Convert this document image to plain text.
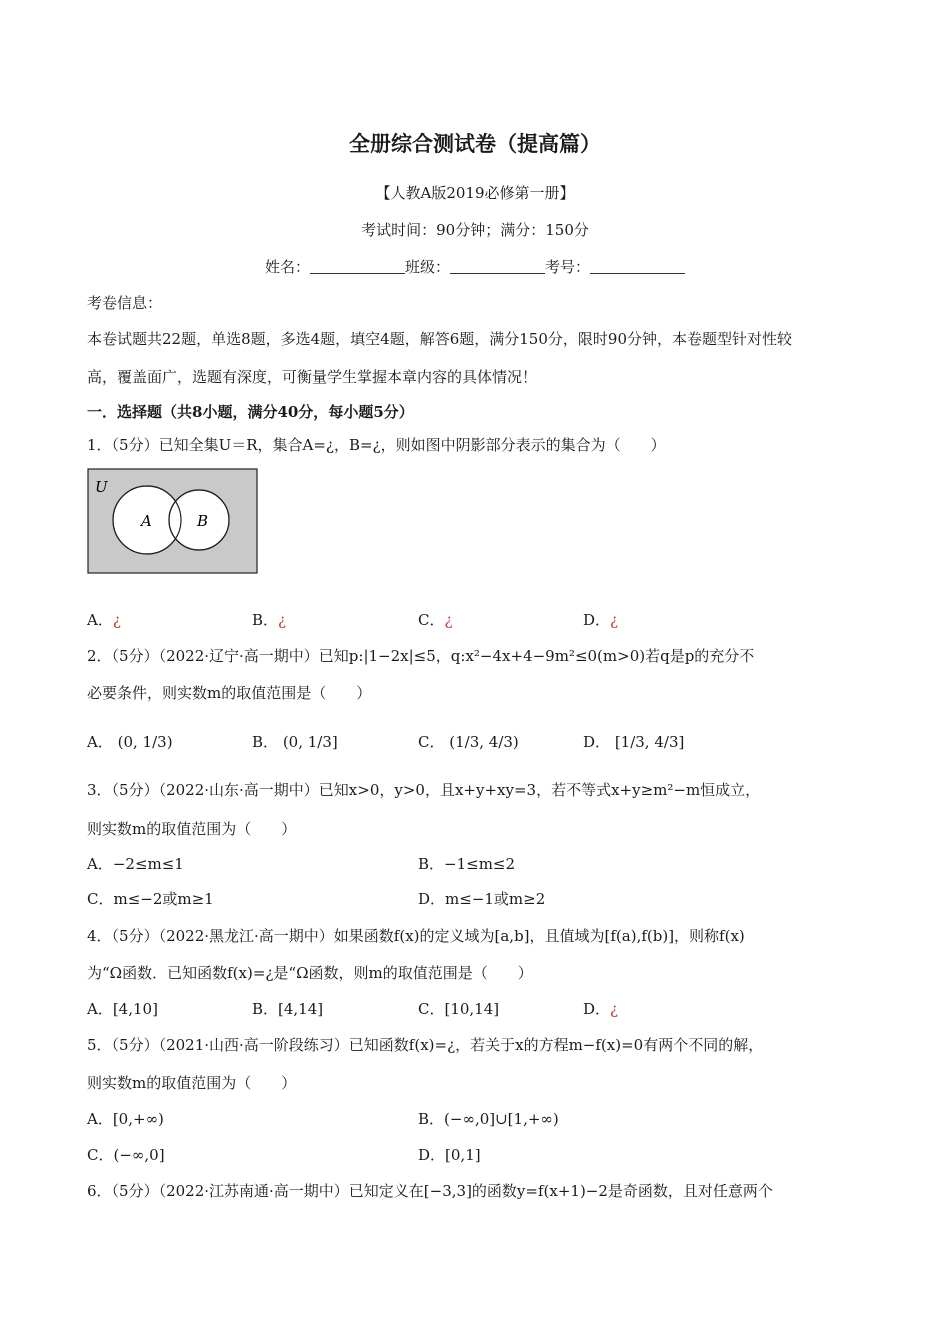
全册综合测试卷（提高篇）
【人教A版2019必修第一册】
考试时间：90分钟；满分：150分
姓名：	班级：	考号：
考卷信息：
本卷试题共22题，单选8题，多选4题，填空4题，解答6题，满分150分，限时90分钟，本卷题型针对性较
高，覆盖面广，选题有深度，可衡量学生掌握本章内容的具体情况！
一．选择题（共8小题，满分40分，每小题5分）
1．（5分）已知全集U＝R，集合A=¿，B=¿，则如图中阴影部分表示的集合为（　　）
U
A	B
A．¿	B．¿	C．¿	D．¿
2．（5分）（2022·辽宁·高一期中）已知p:|1−2x|≤5，q:x²−4x+4−9m²≤0(m>0)若q是p的充分不
必要条件，则实数m的取值范围是（　　）
A． (0, 1/3)	B． (0, 1/3]	C． (1/3, 4/3)	D． [1/3, 4/3]
3．（5分）（2022·山东·高一期中）已知x>0，y>0，且x+y+xy=3，若不等式x+y≥m²−m恒成立，
则实数m的取值范围为（　　）
A．−2≤m≤1	B．−1≤m≤2
C．m≤−2或m≥1	D．m≤−1或m≥2
4．（5分）（2022·黑龙江·高一期中）如果函数f(x)的定义域为[a,b]，且值域为[f(a),f(b)]，则称f(x)
为“Ω函数．已知函数f(x)=¿是“Ω函数，则m的取值范围是（　　）
A．[4,10]	B．[4,14]	C．[10,14]	D．¿
5．（5分）（2021·山西·高一阶段练习）已知函数f(x)=¿，若关于x的方程m−f(x)=0有两个不同的解，
则实数m的取值范围为（　　）
A．[0,+∞)	B．(−∞,0]∪[1,+∞)
C．(−∞,0]	D．[0,1]
6．（5分）（2022·江苏南通·高一期中）已知定义在[−3,3]的函数y=f(x+1)−2是奇函数，且对任意两个
